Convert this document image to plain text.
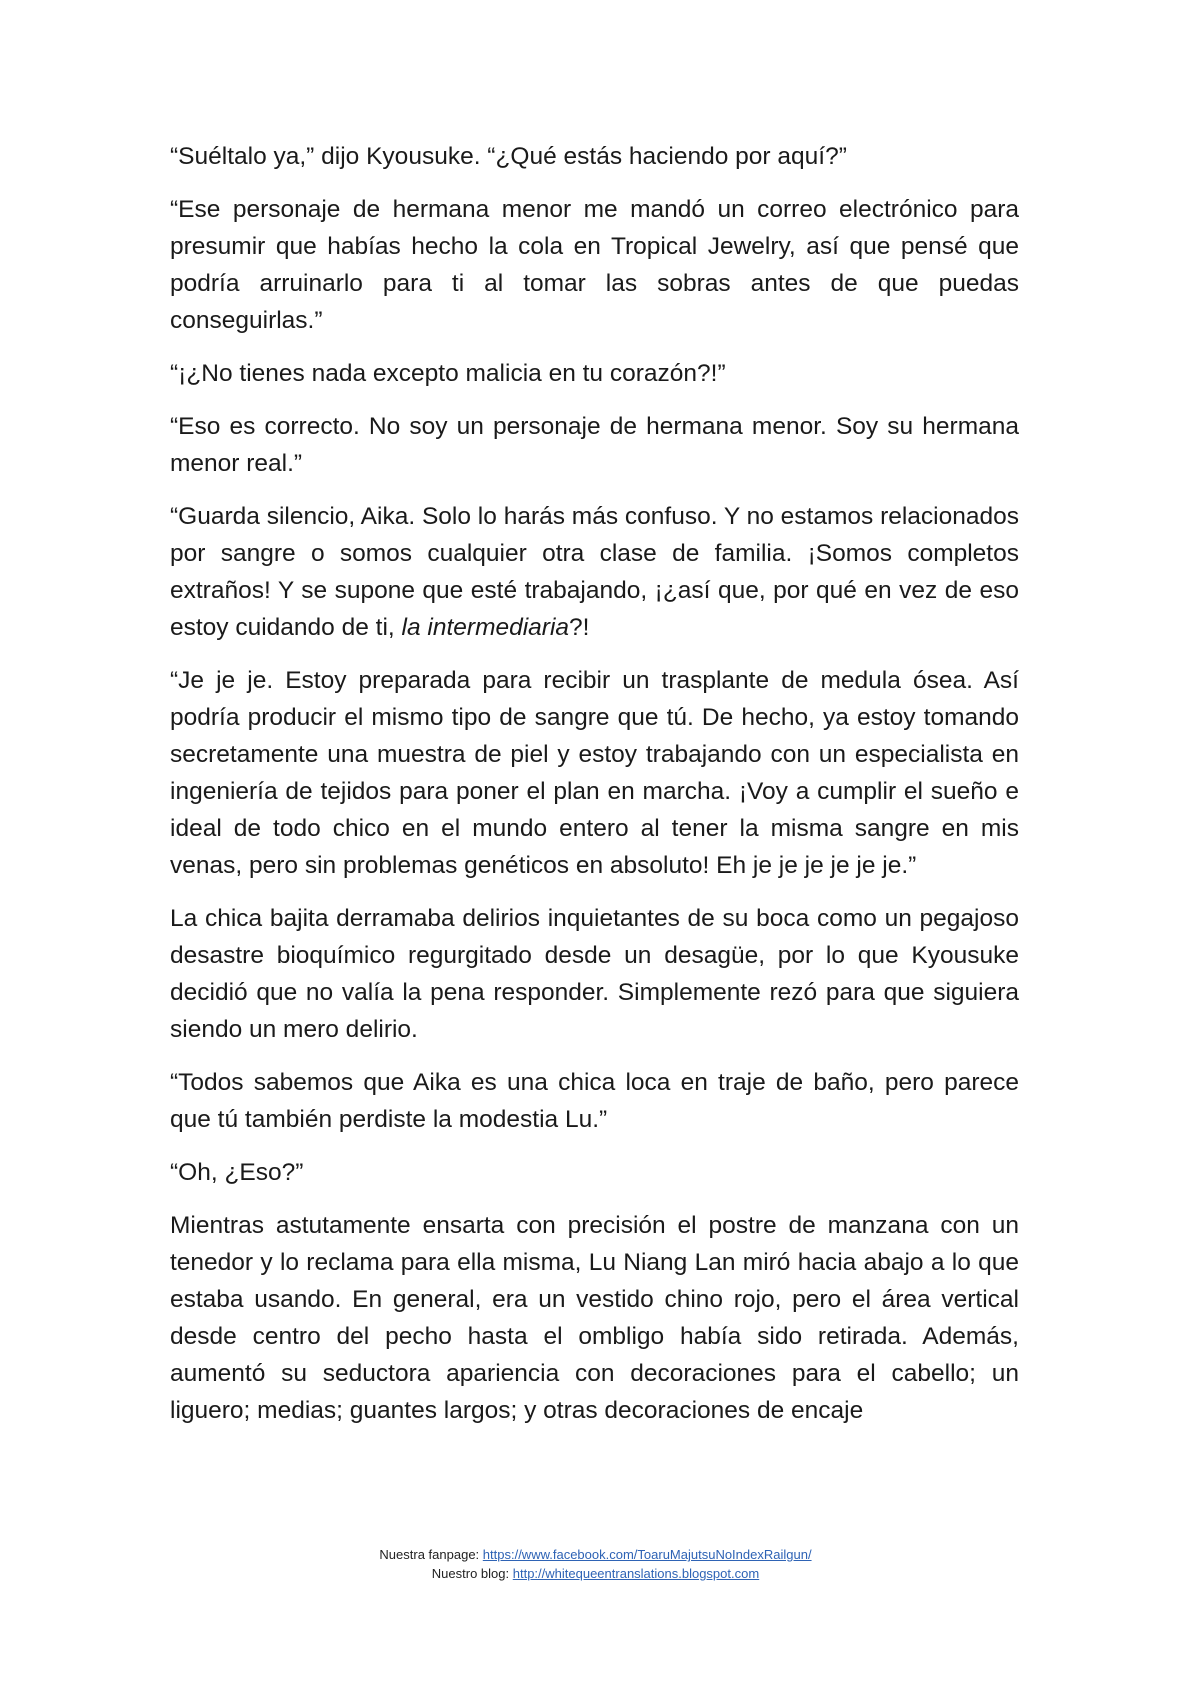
“Suéltalo ya,” dijo Kyousuke. “¿Qué estás haciendo por aquí?”

“Ese personaje de hermana menor me mandó un correo electrónico para presumir que habías hecho la cola en Tropical Jewelry, así que pensé que podría arruinarlo para ti al tomar las sobras antes de que puedas conseguirlas.”

“¡¿No tienes nada excepto malicia en tu corazón?!”

“Eso es correcto. No soy un personaje de hermana menor. Soy su hermana menor real.”

“Guarda silencio, Aika. Solo lo harás más confuso. Y no estamos relacionados por sangre o somos cualquier otra clase de familia. ¡Somos completos extraños! Y se supone que esté trabajando, ¡¿así que, por qué en vez de eso estoy cuidando de ti, la intermediaria?!

“Je je je. Estoy preparada para recibir un trasplante de medula ósea. Así podría producir el mismo tipo de sangre que tú. De hecho, ya estoy tomando secretamente una muestra de piel y estoy trabajando con un especialista en ingeniería de tejidos para poner el plan en marcha. ¡Voy a cumplir el sueño e ideal de todo chico en el mundo entero al tener la misma sangre en mis venas, pero sin problemas genéticos en absoluto! Eh je je je je je je.”

La chica bajita derramaba delirios inquietantes de su boca como un pegajoso desastre bioquímico regurgitado desde un desagüe, por lo que Kyousuke decidió que no valía la pena responder. Simplemente rezó para que siguiera siendo un mero delirio.

“Todos sabemos que Aika es una chica loca en traje de baño, pero parece que tú también perdiste la modestia Lu.”

“Oh, ¿Eso?”

Mientras astutamente ensarta con precisión el postre de manzana con un tenedor y lo reclama para ella misma, Lu Niang Lan miró hacia abajo a lo que estaba usando. En general, era un vestido chino rojo, pero el área vertical desde centro del pecho hasta el ombligo había sido retirada. Además, aumentó su seductora apariencia con decoraciones para el cabello; un liguero; medias; guantes largos; y otras decoraciones de encaje

Nuestra fanpage: https://www.facebook.com/ToaruMajutsuNoIndexRailgun/
Nuestro blog: http://whitequeentranslations.blogspot.com
